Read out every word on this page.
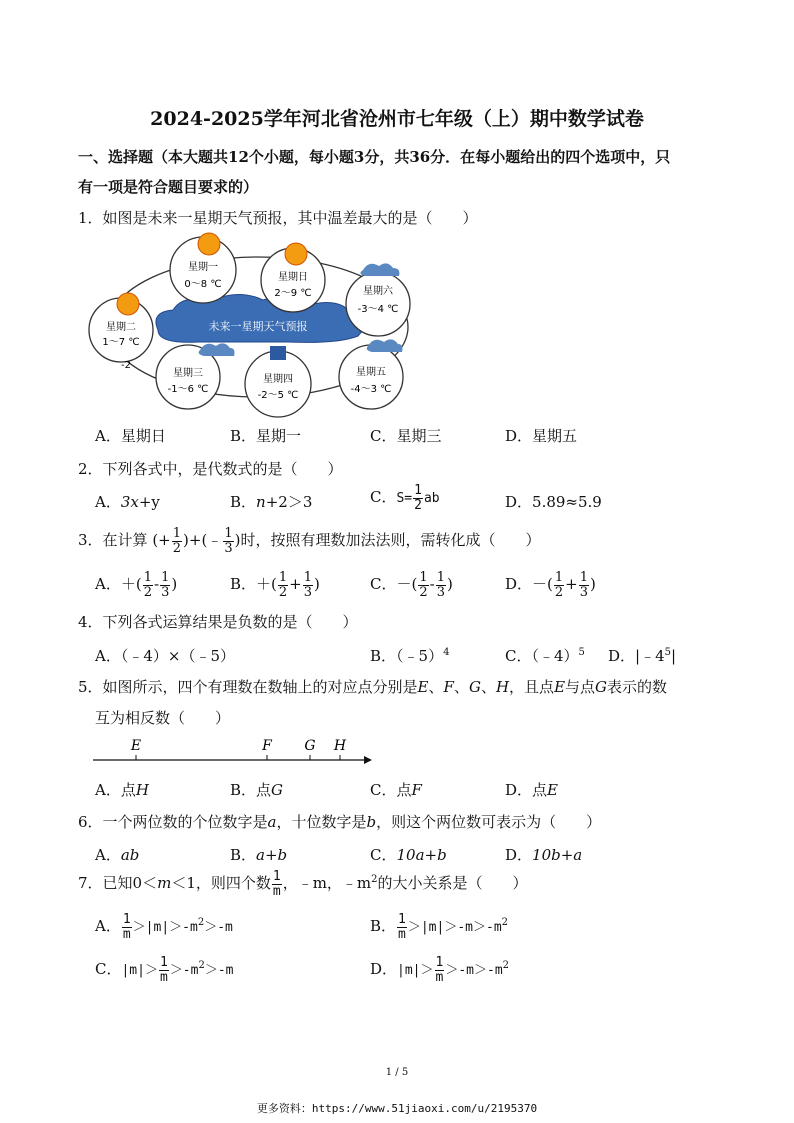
2024-2025学年河北省沧州市七年级（上）期中数学试卷
一、选择题（本大题共12个小题，每小题3分，共36分．在每小题给出的四个选项中，只
有一项是符合题目要求的）
1．如图是未来一星期天气预报，其中温差最大的是（　　）
未来一星期天气预报
星期一
0～8 ℃
星期日
2～9 ℃	星期六
-3～4 ℃
星期二
1～7 ℃
-2
星期三
-1～6 ℃
星期四
-2～5 ℃
星期五
-4～3 ℃
A．星期日	B．星期一	C．星期三	D．星期五
2．下列各式中，是代数式的是（　　）
A．3x+y	B．n+2＞3	C．$S= \frac{1}{2}$ ab	D．5.89≈5.9
3．在计算 (+ $\frac{1}{2}$ )+(﹣ $\frac{1}{3}$ )时，按照有理数加法法则，需转化成（　　）
A．＋( $\frac{1}{2} - \frac{1}{3}$ )	B．＋( $\frac{1}{2} + \frac{1}{3}$ )	C．－( $\frac{1}{2} - \frac{1}{3}$ )	D．－( $\frac{1}{2} + \frac{1}{3}$ )
4．下列各式运算结果是负数的是（　　）
A．（﹣4）×（﹣5）	B．（﹣5）$^4$	C．（﹣4）$^5$ D．$|﹣4^5|$
5．如图所示，四个有理数在数轴上的对应点分别是E、F、G、H，且点E与点G表示的数
互为相反数（　　）
E	F G H
A．点H	B．点G	C．点F	D．点E
6．一个两位数的个位数字是a，十位数字是b，则这个两位数可表示为（　　）
A．ab	B．a+b	C．10a+b	D．10b+a
7．已知0＜m＜1，则四个数 $\frac{1}{m}$ ，﹣m，$﹣m^2$的大小关系是（　　）
A． $\frac{1}{m} >|m|>-m^2>-m$	B． $\frac{1}{m} >|m|>-m>-m^2$
C．$|m|> \frac{1}{m} >-m^2>-m$	D．$|m|> \frac{1}{m} >-m>-m^2$
1 / 5
更多资料：https://www.51jiaoxi.com/u/2195370
